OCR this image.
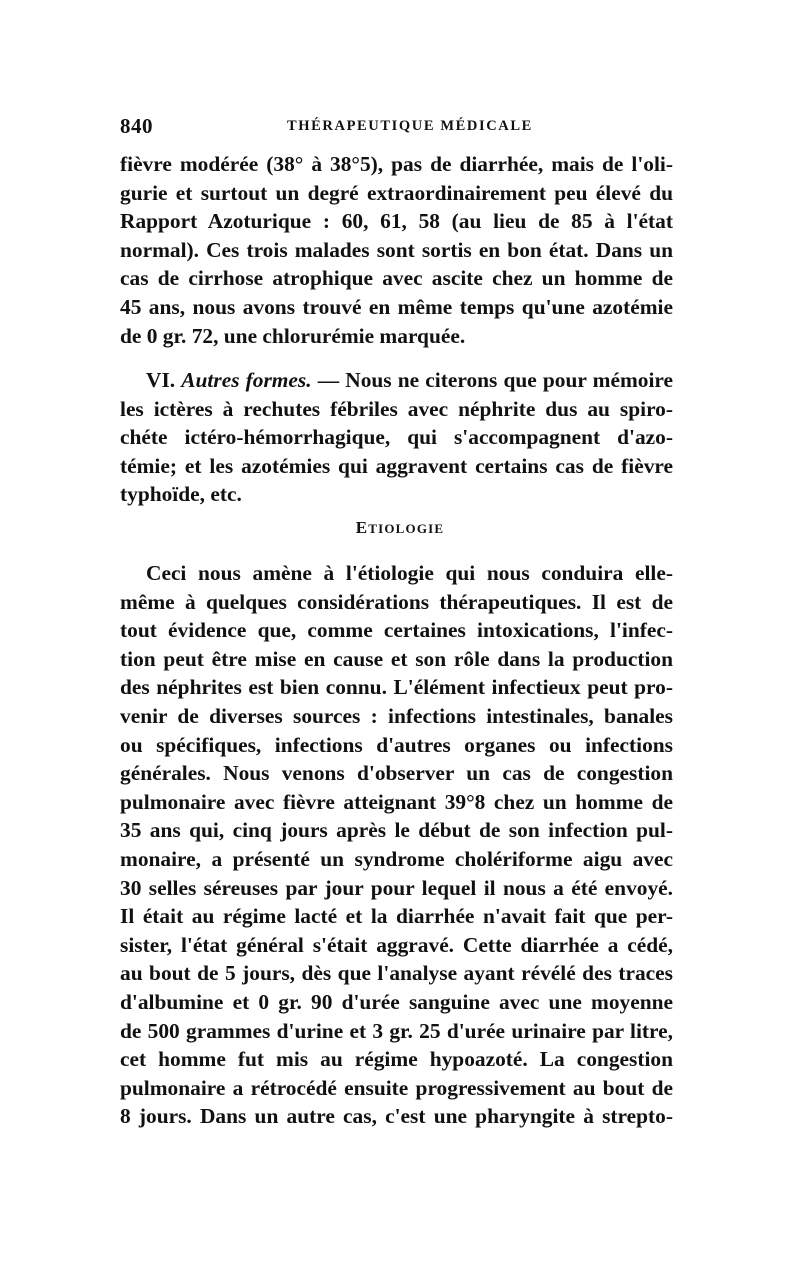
840	THÉRAPEUTIQUE MÉDICALE
fièvre modérée (38° à 38°5), pas de diarrhée, mais de l'oli-
gurie et surtout un degré extraordinairement peu élevé du
Rapport Azoturique : 60, 61, 58 (au lieu de 85 à l'état
normal). Ces trois malades sont sortis en bon état. Dans un
cas de cirrhose atrophique avec ascite chez un homme de
45 ans, nous avons trouvé en même temps qu'une azotémie
de 0 gr. 72, une chlorurémie marquée.
VI. Autres formes. — Nous ne citerons que pour mémoire
les ictères à rechutes fébriles avec néphrite dus au spiro-
chéte ictéro-hémorrhagique, qui s'accompagnent d'azo-
témie; et les azotémies qui aggravent certains cas de fièvre
typhoïde, etc.
ETIOLOGIE
Ceci nous amène à l'étiologie qui nous conduira elle-
même à quelques considérations thérapeutiques. Il est de
tout évidence que, comme certaines intoxications, l'infec-
tion peut être mise en cause et son rôle dans la production
des néphrites est bien connu. L'élément infectieux peut pro-
venir de diverses sources : infections intestinales, banales
ou spécifiques, infections d'autres organes ou infections
générales. Nous venons d'observer un cas de congestion
pulmonaire avec fièvre atteignant 39°8 chez un homme de
35 ans qui, cinq jours après le début de son infection pul-
monaire, a présenté un syndrome cholériforme aigu avec
30 selles séreuses par jour pour lequel il nous a été envoyé.
Il était au régime lacté et la diarrhée n'avait fait que per-
sister, l'état général s'était aggravé. Cette diarrhée a cédé,
au bout de 5 jours, dès que l'analyse ayant révélé des traces
d'albumine et 0 gr. 90 d'urée sanguine avec une moyenne
de 500 grammes d'urine et 3 gr. 25 d'urée urinaire par litre,
cet homme fut mis au régime hypoazoté. La congestion
pulmonaire a rétrocédé ensuite progressivement au bout de
8 jours. Dans un autre cas, c'est une pharyngite à strepto-
